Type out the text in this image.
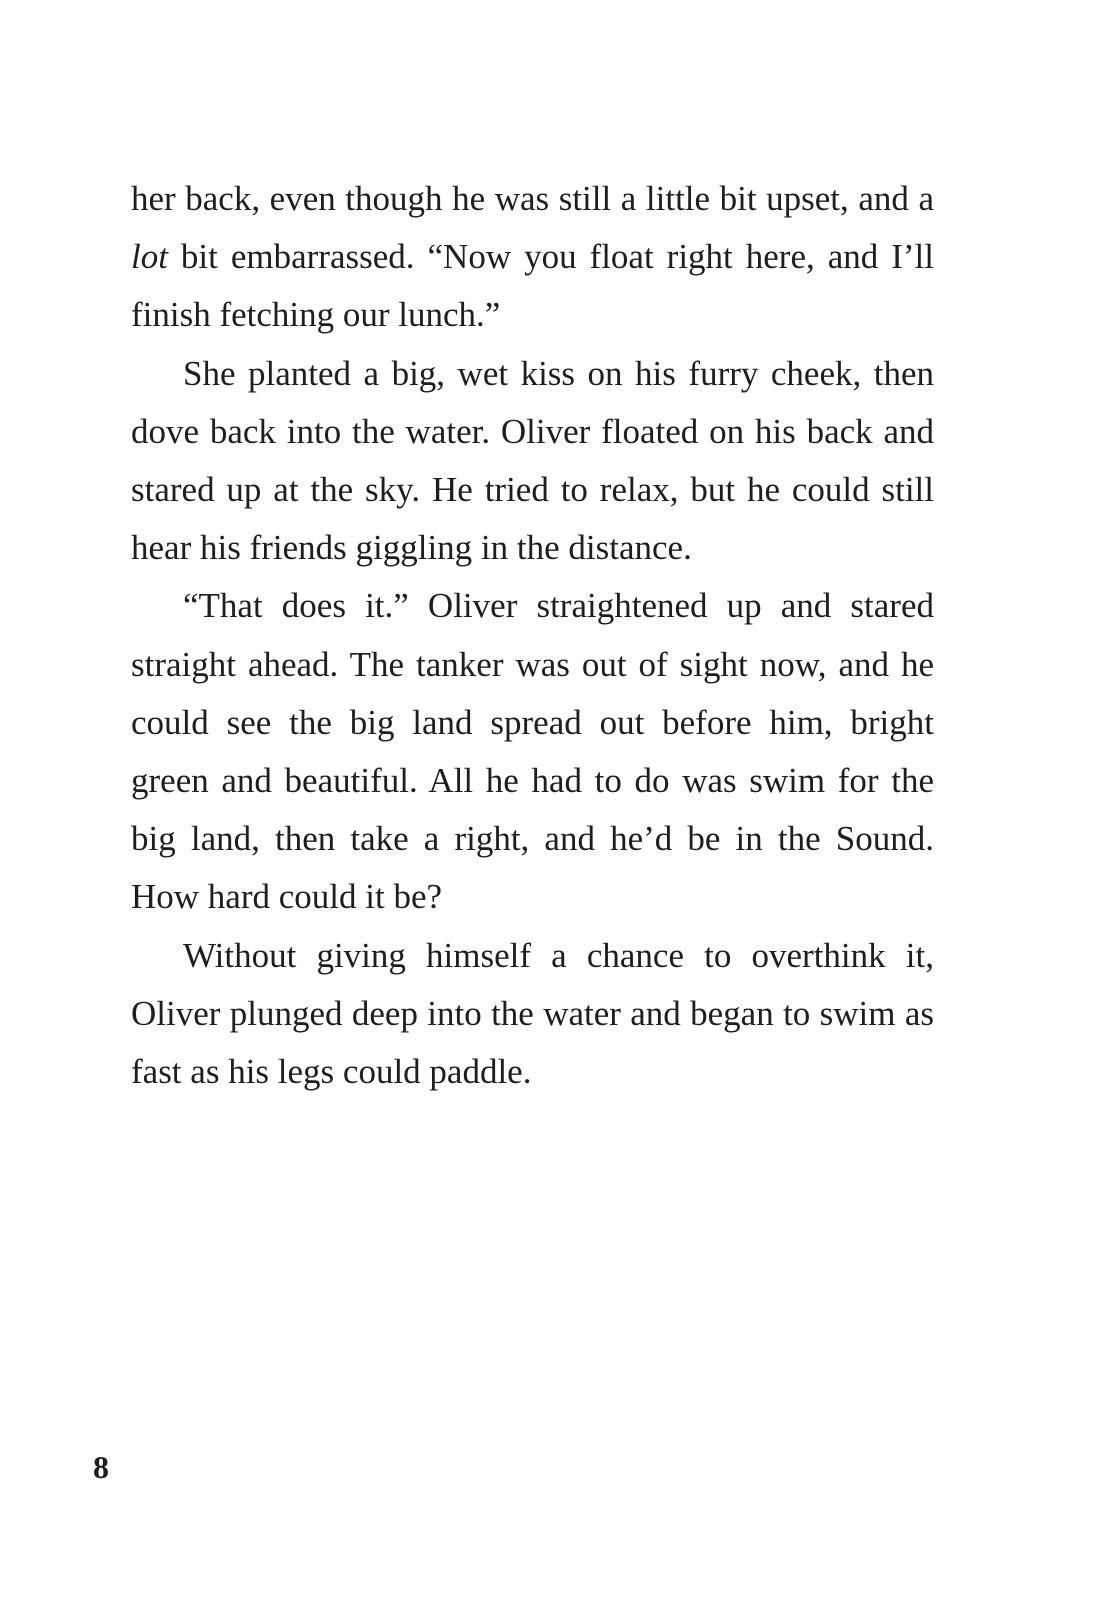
her back, even though he was still a little bit upset, and a lot bit embarrassed. “Now you float right here, and I’ll finish fetching our lunch.”

She planted a big, wet kiss on his furry cheek, then dove back into the water. Oliver floated on his back and stared up at the sky. He tried to relax, but he could still hear his friends giggling in the distance.

“That does it.” Oliver straightened up and stared straight ahead. The tanker was out of sight now, and he could see the big land spread out before him, bright green and beautiful. All he had to do was swim for the big land, then take a right, and he’d be in the Sound. How hard could it be?

Without giving himself a chance to overthink it, Oliver plunged deep into the water and began to swim as fast as his legs could paddle.

8
